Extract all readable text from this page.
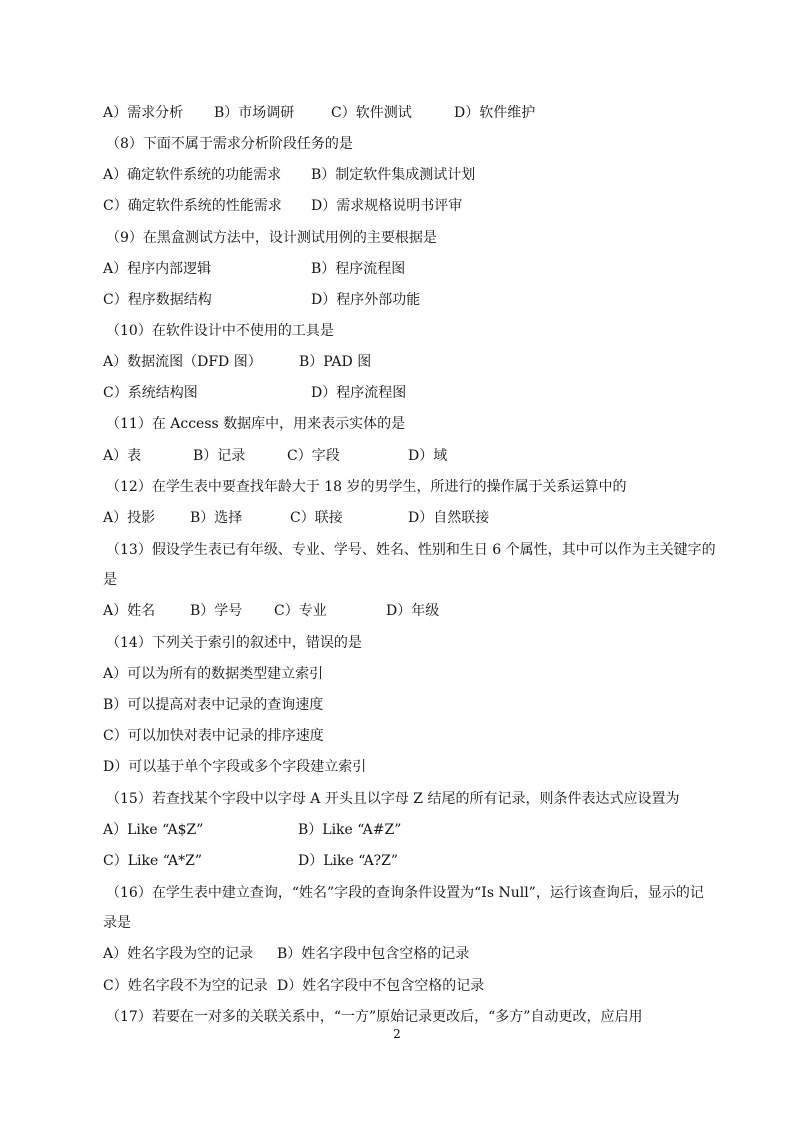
A）需求分析 B）市场调研	C）软件测试	D）软件维护
（8）下面不属于需求分析阶段任务的是
A）确定软件系统的功能需求 B）制定软件集成测试计划
C）确定软件系统的性能需求 D）需求规格说明书评审
（9）在黑盒测试方法中，设计测试用例的主要根据是
A）程序内部逻辑	B）程序流程图
C）程序数据结构	D）程序外部功能
（10）在软件设计中不使用的工具是
A）数据流图（DFD 图）	B）PAD 图
C）系统结构图	D）程序流程图
（11）在 Access 数据库中，用来表示实体的是
A）表	B）记录	C）字段	D）域
（12）在学生表中要查找年龄大于 18 岁的男学生，所进行的操作属于关系运算中的
A）投影 B）选择	C）联接	D）自然联接
（13）假设学生表已有年级、专业、学号、姓名、性别和生日 6 个属性，其中可以作为主关键字的
是
A）姓名 B）学号 C）专业	D）年级
（14）下列关于索引的叙述中，错误的是
A）可以为所有的数据类型建立索引
B）可以提高对表中记录的查询速度
C）可以加快对表中记录的排序速度
D）可以基于单个字段或多个字段建立索引
（15）若查找某个字段中以字母 A 开头且以字母 Z 结尾的所有记录，则条件表达式应设置为
A）Like “A$Z”	B）Like “A#Z”
C）Like “A*Z”	D）Like “A?Z”
（16）在学生表中建立查询，“姓名”字段的查询条件设置为“Is Null”，运行该查询后，显示的记
录是
A）姓名字段为空的记录 B）姓名字段中包含空格的记录
C）姓名字段不为空的记录 D）姓名字段中不包含空格的记录
（17）若要在一对多的关联关系中，“一方”原始记录更改后，“多方”自动更改，应启用
2
